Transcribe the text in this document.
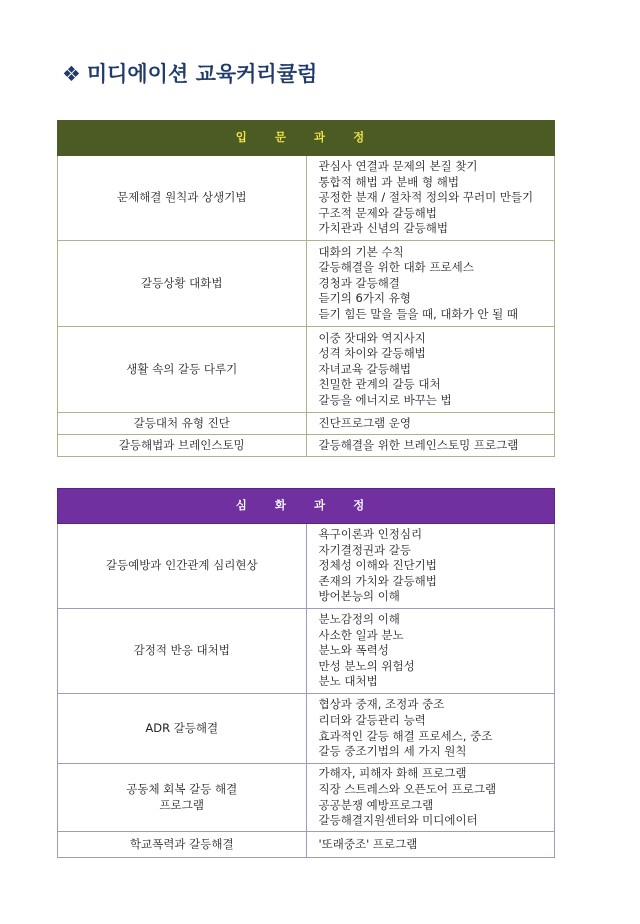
❖ 미디에이션 교육커리큘럼
입 문 과 정	

문제해결 원칙과 상생기법	관심사 연결과 문제의 본질 찾기
통합적 해법 과 분배 형 해법
공정한 분재 / 절차적 정의와 꾸러미 만들기
구조적 문제와 갈등해법
가치관과 신념의 갈등해법

갈등상황 대화법	대화의 기본 수칙
갈등해결을 위한 대화 프로세스
경청과 갈등해결
듣기의 6가지 유형
듣기 힘든 말을 들을 때, 대화가 안 될 때

생활 속의 갈등 다루기	이중 잣대와 역지사지
성격 차이와 갈등해법
자녀교육 갈등해법
친밀한 관계의 갈등 대처
갈등을 에너지로 바꾸는 법

갈등대처 유형 진단	진단프로그램 운영

갈등해법과 브레인스토밍	갈등해결을 위한 브레인스토밍 프로그램
심 화 과 정	

갈등예방과 인간관계 심리현상	욕구이론과 인정심리
자기결정권과 갈등
정체성 이해와 진단기법
존재의 가치와 갈등해법
방어본능의 이해

감정적 반응 대처법	분노감정의 이해
사소한 일과 분노
분노와 폭력성
만성 분노의 위험성
분노 대처법

ADR 갈등해결	협상과 중재, 조정과 중조
리더와 갈등관리 능력
효과적인 갈등 해결 프로세스, 중조
갈등 중조기법의 세 가지 원칙

공동체 회복 갈등 해결
프로그램	가해자, 피해자 화해 프로그램
직장 스트레스와 오픈도어 프로그램
공공분쟁 예방프로그램
갈등해결지원센터와 미디에이터

학교폭력과 갈등해결	'또래중조' 프로그램
